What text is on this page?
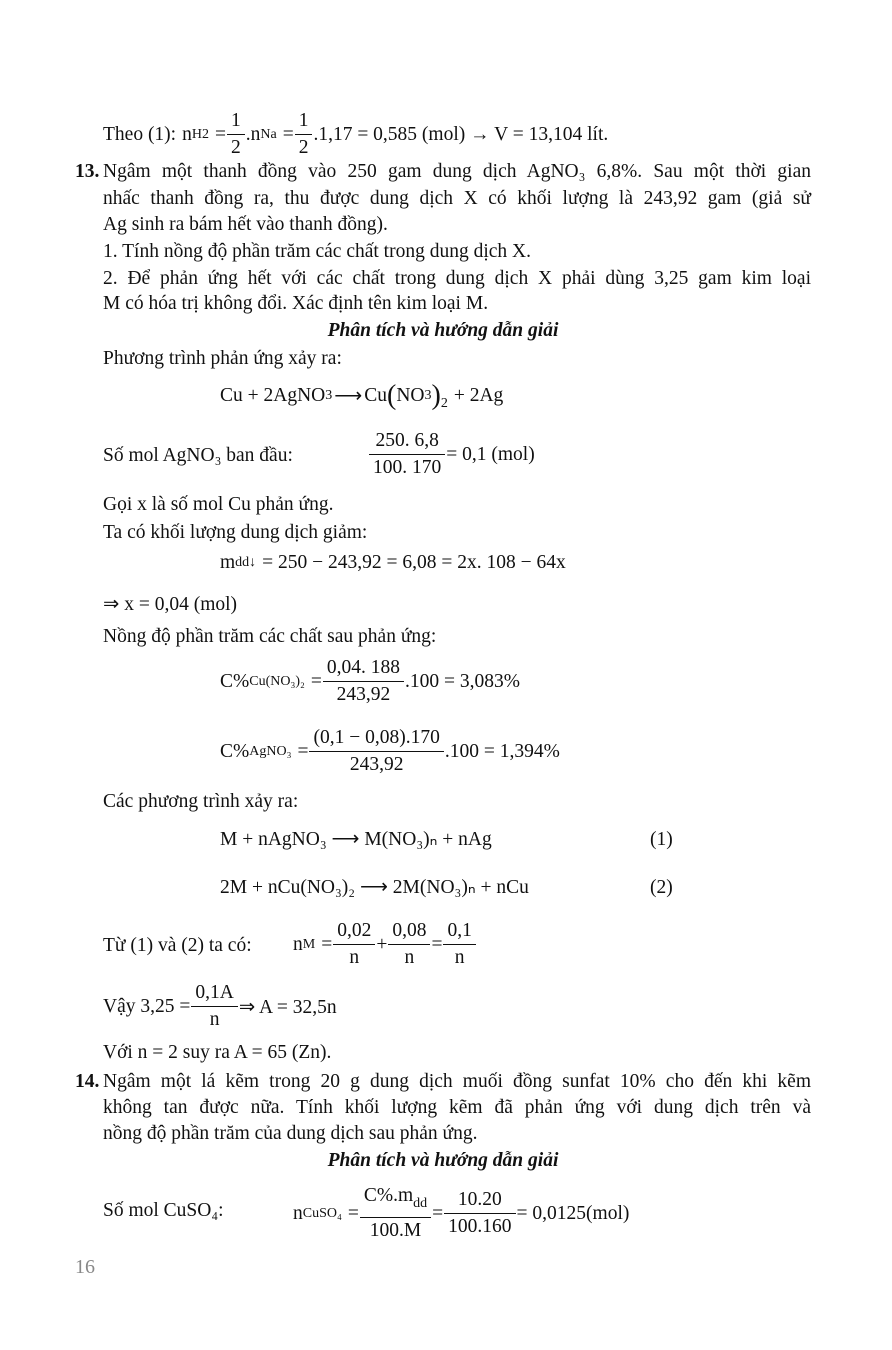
Theo (1): n $H2 = \frac{1}{2} .n$ $Na = \frac{1}{2} .1,17 = 0,585$ (mol) → V = 13,104 lít.
13. Ngâm một thanh đồng vào 250 gam dung dịch AgNO₃ 6,8%. Sau một thời gian
nhấc thanh đồng ra, thu được dung dịch X có khối lượng là 243,92 gam (giả sử
Ag sinh ra bám hết vào thanh đồng).
1. Tính nồng độ phần trăm các chất trong dung dịch X.
2. Để phản ứng hết với các chất trong dung dịch X phải dùng 3,25 gam kim loại
M có hóa trị không đổi. Xác định tên kim loại M.
Phân tích và hướng dẫn giải
Phương trình phản ứng xảy ra:
Cu + 2AgNO 3 ⟶ Cu ( NO 3 ) 2 + 2Ag
Số mol AgNO₃ ban đầu:	$\frac{250. 6,8}{100. 170} = 0,1$ (mol)
Gọi x là số mol Cu phản ứng.
Ta có khối lượng dung dịch giảm:
m dd↓ = 250 − 243,92 = 6,08 = 2x. 108 − 64x
⇒ x = 0,04 (mol)
Nồng độ phần trăm các chất sau phản ứng:
C% $Cu(NO_3)_2 = \frac{0,04. 188}{243,92} .100 = 3,083\%$
C% AgNO₃ = $\frac{(0,1 - 0,08).170}{243,92} .100 = 1,394\%$
Các phương trình xảy ra:
M + nAgNO₃ ⟶ M(NO₃)ₙ + nAg	(1)
2M + nCu(NO₃)₂ ⟶ 2M(NO₃)ₙ + nCu	(2)
Từ (1) và (2) ta có: n $M = \frac{0,02}{n} + \frac{0,08}{n} = \frac{0,1}{n}$
Vậy $3,25 = \frac{0,1A}{n}$ ⇒ A = 32,5n
Với n = 2 suy ra A = 65 (Zn).
14. Ngâm một lá kẽm trong 20 g dung dịch muối đồng sunfat 10% cho đến khi kẽm
không tan được nữa. Tính khối lượng kẽm đã phản ứng với dung dịch trên và
nồng độ phần trăm của dung dịch sau phản ứng.
Phân tích và hướng dẫn giải
Số mol CuSO₄:	n CuSO₄ = $\frac{C\%.m_{dd}}{100.M} = \frac{10.20}{100.160} = 0,0125(mol)$
16
